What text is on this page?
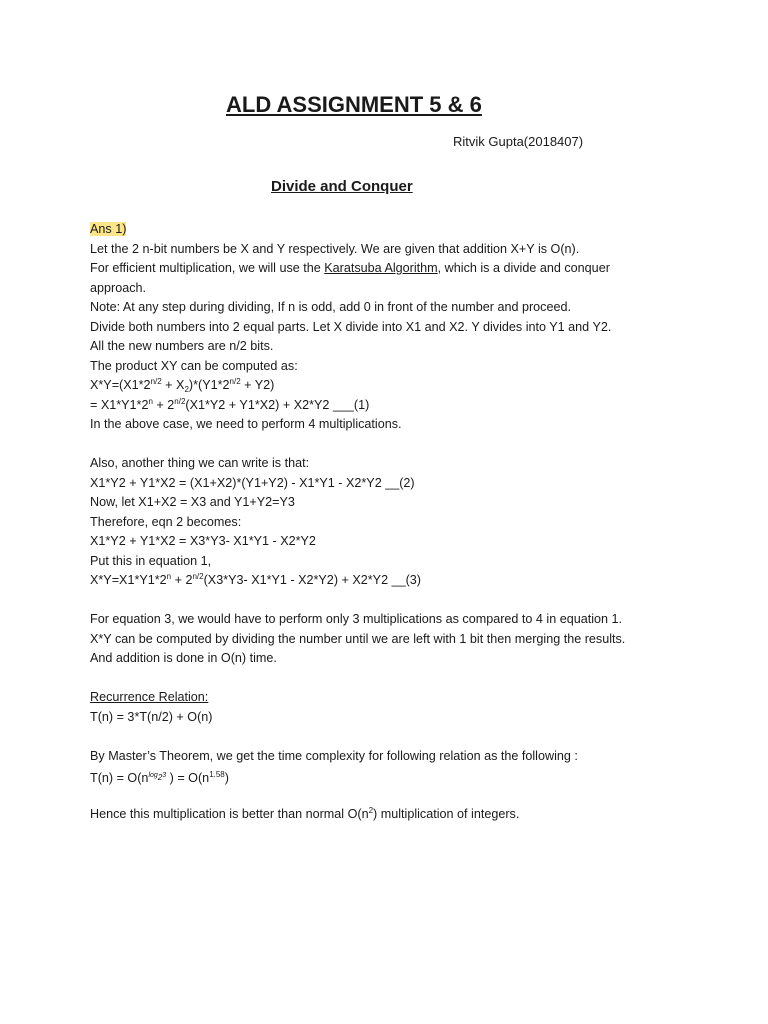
ALD ASSIGNMENT 5 & 6
Ritvik Gupta(2018407)
Divide and Conquer
Ans 1)
Let the 2 n-bit numbers be X and Y respectively. We are given that addition X+Y is O(n).
For efficient multiplication, we will use the Karatsuba Algorithm, which is a divide and conquer
approach.
Note: At any step during dividing, If n is odd, add 0 in front of the number and proceed.
Divide both numbers into 2 equal parts. Let X divide into X1 and X2. Y divides into Y1 and Y2.
All the new numbers are n/2 bits.
The product XY can be computed as:
$X*Y=(X1*2^{n/2} + X_2)*(Y1*2^{n/2} + Y2)$
= $X1*Y1*2^n + 2^{n/2}(X1*Y2 + Y1*X2) + X2*Y2$ ___(1)
In the above case, we need to perform 4 multiplications.
Also, another thing we can write is that:
X1*Y2 + Y1*X2 = (X1+X2)*(Y1+Y2) - X1*Y1 - X2*Y2 __(2)
Now, let X1+X2 = X3 and Y1+Y2=Y3
Therefore, eqn 2 becomes:
X1*Y2 + Y1*X2 = X3*Y3- X1*Y1 - X2*Y2
Put this in equation 1,
$X*Y=X1*Y1*2^n + 2^{n/2}(X3*Y3-$ X1*Y1 - X2*Y2) + X2*Y2 __(3)
For equation 3, we would have to perform only 3 multiplications as compared to 4 in equation 1.
X*Y can be computed by dividing the number until we are left with 1 bit then merging the results.
And addition is done in O(n) time.
Recurrence Relation:
T(n) = 3*T(n/2) + O(n)
By Master’s Theorem, we get the time complexity for following relation as the following :
$T(n) = O(n^{log_23}$ ) = $O(n^{1.58})$
Hence this multiplication is better than normal $O(n^2)$ multiplication of integers.
